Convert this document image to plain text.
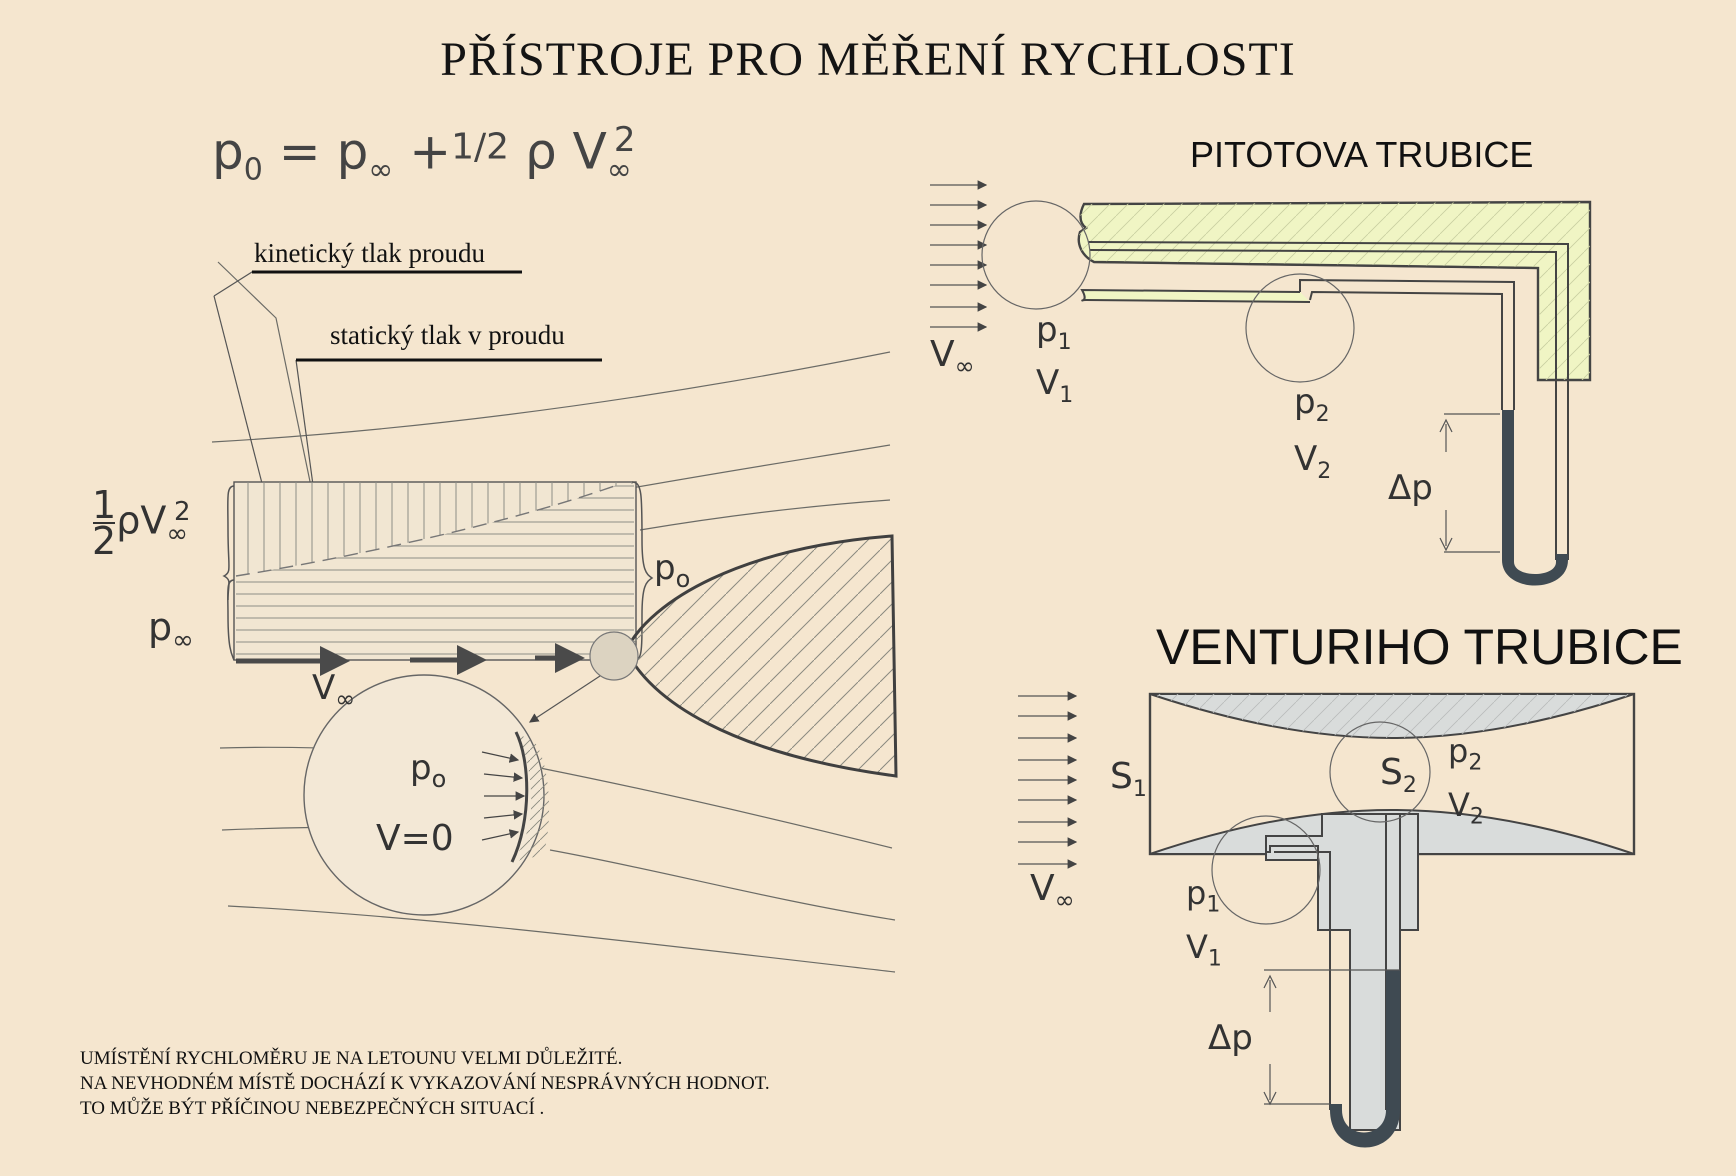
PŘÍSTROJE PRO MĚŘENÍ RYCHLOSTI
$p_0 = p_\infty +^{1/2}$ ρ $V_\infty^2$
kinetický tlak proudu
statický tlak v proudu
$\frac{1}{2}\rho V_\infty^2$
$p_\infty$
$p_o$
$V_\infty$
$p_o$
V=0
PITOTOVA TRUBICE
$V_\infty$
$p_1$
$V_1$	$p_2$
$V_2$ Δp
VENTURIHO TRUBICE
$S_1$	$S_2$
$p_2$
$V_2$
$p_1$
$V_1$
$V_\infty$
Δp
UMÍSTĚNÍ RYCHLOMĚRU JE NA LETOUNU VELMI DŮLEŽITÉ.
NA NEVHODNÉM MÍSTĚ DOCHÁZÍ K VYKAZOVÁNÍ NESPRÁVNÝCH HODNOT.
TO MŮŽE BÝT PŘÍČINOU NEBEZPEČNÝCH SITUACÍ .
